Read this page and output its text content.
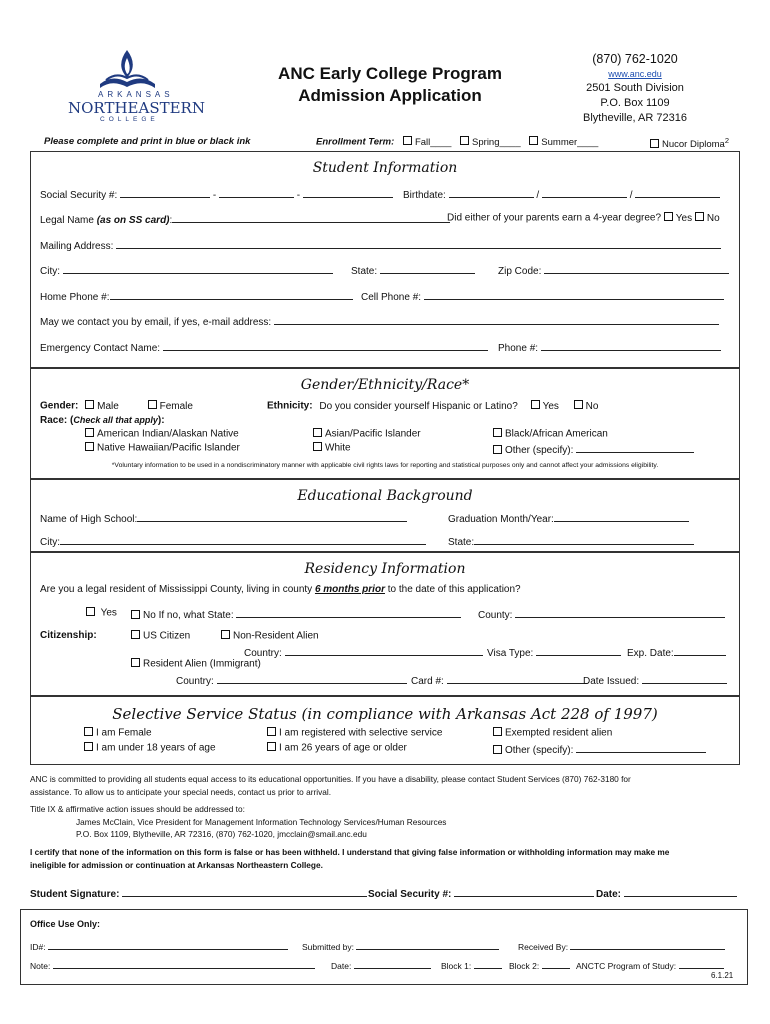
ARKANSAS
NORTHEASTERN
COLLEGE
ANC Early College Program
Admission Application
(870) 762-1020
www.anc.edu
2501 South Division
P.O. Box 1109
Blytheville, AR 72316
Please complete and print in blue or black ink	Enrollment Term: Fall____ Spring____ Summer____	Nucor Diploma$^2$
Student Information
Social Security #:	-	-	Birthdate:	/	/
Legal Name (as on SS card):	Did either of your parents earn a 4-year degree? Yes No
Mailing Address:
City:	State:	Zip Code:
Home Phone #:	Cell Phone #:
May we contact you by email, if yes, e-mail address:
Emergency Contact Name:	Phone #:
Gender/Ethnicity/Race*
Gender: Male	Female	Ethnicity: Do you consider yourself Hispanic or Latino? Yes	No
Race: (Check all that apply):
American Indian/Alaskan Native	Asian/Pacific Islander	Black/African American
Native Hawaiian/Pacific Islander	White	Other (specify):
*Voluntary information to be used in a nondiscriminatory manner with applicable civil rights laws for reporting and statistical purposes only and cannot affect your admissions eligibility.
Educational Background
Name of High School:	Graduation Month/Year:
City:	State:
Residency Information
Are you a legal resident of Mississippi County, living in county 6 months prior to the date of this application?
Yes	No If no, what State:	County:
Citizenship:	US Citizen	Non-Resident Alien
Country:	Visa Type:	Exp. Date:
Resident Alien (Immigrant)
Country:	Card #:	Date Issued:
Selective Service Status (in compliance with Arkansas Act 228 of 1997)
I am Female	I am registered with selective service	Exempted resident alien
I am under 18 years of age	I am 26 years of age or older	Other (specify):
ANC is committed to providing all students equal access to its educational opportunities. If you have a disability, please contact Student Services (870) 762-3180 for
assistance. To allow us to anticipate your special needs, contact us prior to arrival.
Title IX & affirmative action issues should be addressed to:
James McClain, Vice President for Management Information Technology Services/Human Resources
P.O. Box 1109, Blytheville, AR 72316, (870) 762-1020, jmcclain@smail.anc.edu
I certify that none of the information on this form is false or has been withheld. I understand that giving false information or withholding information may make me
ineligible for admission or continuation at Arkansas Northeastern College.
Student Signature:	Social Security #:	Date:
Office Use Only:
ID#:	Submitted by:	Received By:
Note:	Date:	Block 1:	Block 2:	ANCTC Program of Study:
6.1.21
